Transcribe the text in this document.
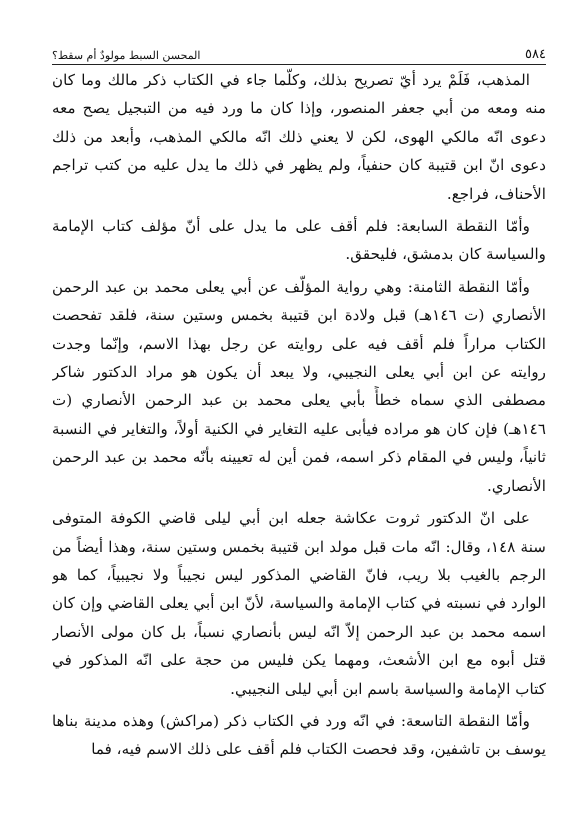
٥٨٤
المحسن السبط مولودٌ أم سقط؟
المذهب، فَلَمْ يرد أيّ تصريح بذلك، وكلّما جاء في الكتاب ذكر مالك وما كان
منه ومعه من أبي جعفر المنصور، وإذا كان ما ورد فيه من التبجيل يصح معه
دعوى انّه مالكي الهوى، لكن لا يعني ذلك انّه مالكي المذهب، وأبعد من ذلك
دعوى انّ ابن قتيبة كان حنفياً، ولم يظهر في ذلك ما يدل عليه من كتب تراجم
الأحناف، فراجع.
وأمّا النقطة السابعة: فلم أقف على ما يدل على أنّ مؤلف كتاب الإمامة
والسياسة كان بدمشق، فليحقق.
وأمّا النقطة الثامنة: وهي رواية المؤلّف عن أبي يعلى محمد بن عبد الرحمن
الأنصاري (ت ١٤٦هـ) قبل ولادة ابن قتيبة بخمس وستين سنة، فلقد تفحصت
الكتاب مراراً فلم أقف فيه على روايته عن رجل بهذا الاسم، وإنّما وجدت
روايته عن ابن أبي يعلى النجيبي، ولا يبعد أن يكون هو مراد الدكتور شاكر
مصطفى الذي سماه خطأً بأبي يعلى محمد بن عبد الرحمن الأنصاري (ت
١٤٦هـ) فإن كان هو مراده فيأبى عليه التغاير في الكنية أولاً، والتغاير في النسبة
ثانياً، وليس في المقام ذكر اسمه، فمن أين له تعيينه بأنّه محمد بن عبد الرحمن
الأنصاري.
على انّ الدكتور ثروت عكاشة جعله ابن أبي ليلى قاضي الكوفة المتوفى
سنة ١٤٨، وقال: انّه مات قبل مولد ابن قتيبة بخمس وستين سنة، وهذا أيضاً من
الرجم بالغيب بلا ريب، فانّ القاضي المذكور ليس نجيباً ولا نجيبياً، كما هو
الوارد في نسبته في كتاب الإمامة والسياسة، لأنّ ابن أبي يعلى القاضي وإن كان
اسمه محمد بن عبد الرحمن إلاّ انّه ليس بأنصاري نسباً، بل كان مولى الأنصار
قتل أبوه مع ابن الأشعث، ومهما يكن فليس من حجة على انّه المذكور في
كتاب الإمامة والسياسة باسم ابن أبي ليلى النجيبي.
وأمّا النقطة التاسعة: في انّه ورد في الكتاب ذكر (مراكش) وهذه مدينة بناها
يوسف بن تاشفين، وقد فحصت الكتاب فلم أقف على ذلك الاسم فيه، فما
